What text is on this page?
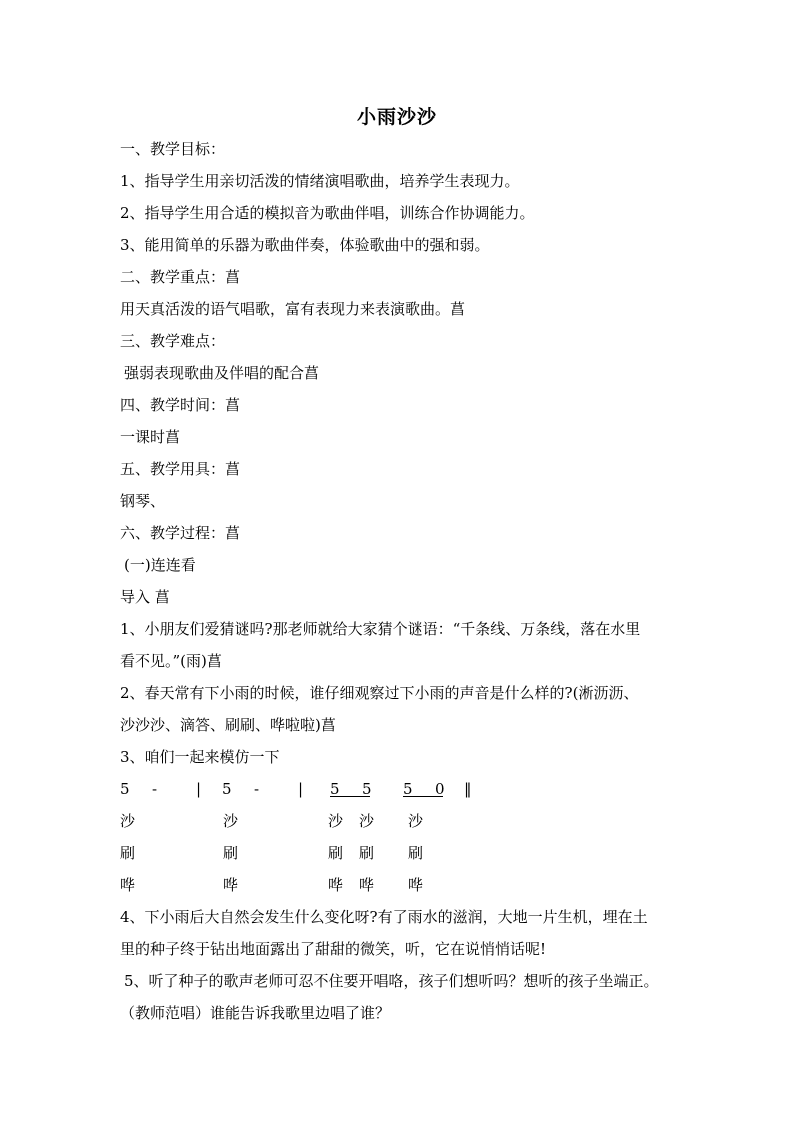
小雨沙沙
一、教学目标：
1、指导学生用亲切活泼的情绪演唱歌曲，培养学生表现力。
2、指导学生用合适的模拟音为歌曲伴唱，训练合作协调能力。
3、能用简单的乐器为歌曲伴奏，体验歌曲中的强和弱。
二、教学重点：菖
用天真活泼的语气唱歌，富有表现力来表演歌曲。菖
三、教学难点：
强弱表现歌曲及伴唱的配合菖
四、教学时间：菖
一课时菖
五、教学用具：菖
钢琴、
六、教学过程：菖
(一)连连看
导入 菖
1、小朋友们爱猜谜吗?那老师就给大家猜个谜语：“千条线、万条线，落在水里
看不见。”(雨)菖
2、春天常有下小雨的时候，谁仔细观察过下小雨的声音是什么样的?(淅沥沥、
沙沙沙、滴答、刷刷、哗啦啦)菖
3、咱们一起来模仿一下
5 -	| 5 -	| 5 5 5 0 ‖
沙	沙	沙 沙 沙
刷	刷	刷 刷 刷
哗	哗	哗 哗 哗
4、下小雨后大自然会发生什么变化呀?有了雨水的滋润，大地一片生机，埋在土
里的种子终于钻出地面露出了甜甜的微笑，听，它在说悄悄话呢!
5、听了种子的歌声老师可忍不住要开唱咯，孩子们想听吗？想听的孩子坐端正。
（教师范唱）谁能告诉我歌里边唱了谁？
